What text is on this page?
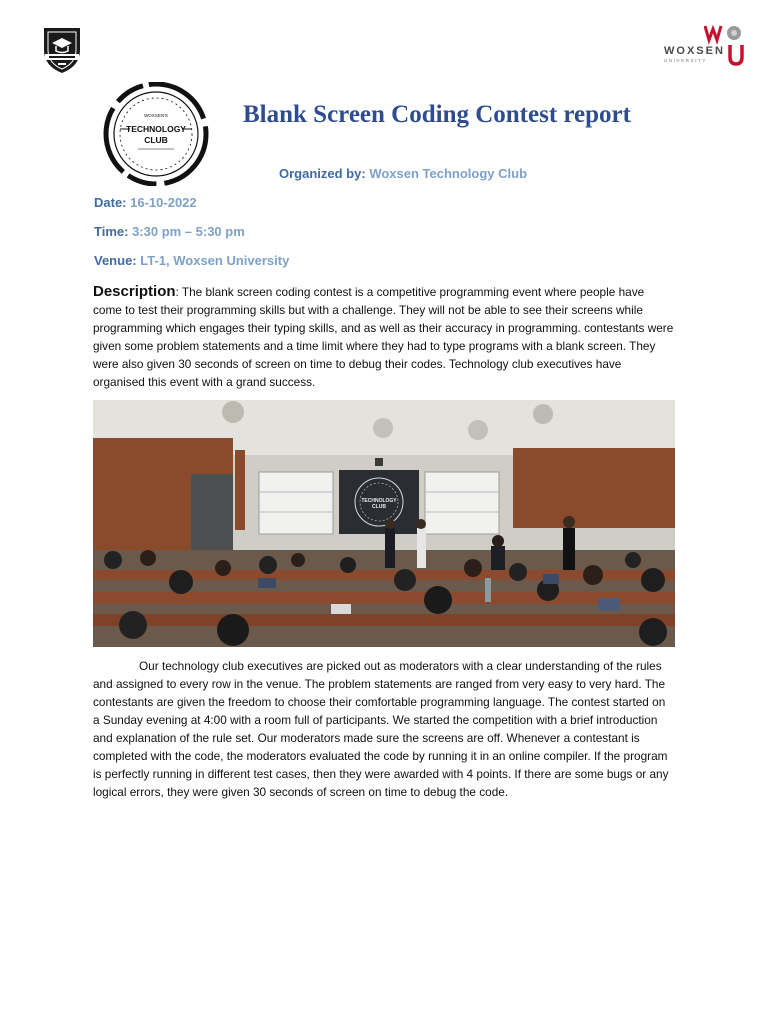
WOXSEN
UNIVERSITY
WOXSEN'S
TECHNOLOGY
CLUB
Blank Screen Coding Contest report
Organized by: Woxsen Technology Club
Date: 16-10-2022
Time: 3:30 pm – 5:30 pm
Venue: LT-1, Woxsen University
Description: The blank screen coding contest is a competitive programming event where people have come to test their programming skills but with a challenge. They will not be able to see their screens while programming which engages their typing skills, and as well as their accuracy in programming. contestants were given some problem statements and a time limit where they had to type programs with a blank screen. They were also given 30 seconds of screen on time to debug their codes. Technology club executives have organised this event with a grand success.
TECHNOLOGY
CLUB
Our technology club executives are picked out as moderators with a clear understanding of the rules and assigned to every row in the venue. The problem statements are ranged from very easy to very hard. The contestants are given the freedom to choose their comfortable programming language. The contest started on a Sunday evening at 4:00 with a room full of participants. We started the competition with a brief introduction and explanation of the rule set. Our moderators made sure the screens are off. Whenever a contestant is completed with the code, the moderators evaluated the code by running it in an online compiler. If the program is perfectly running in different test cases, then they were awarded with 4 points. If there are some bugs or any logical errors, they were given 30 seconds of screen on time to debug the code.
